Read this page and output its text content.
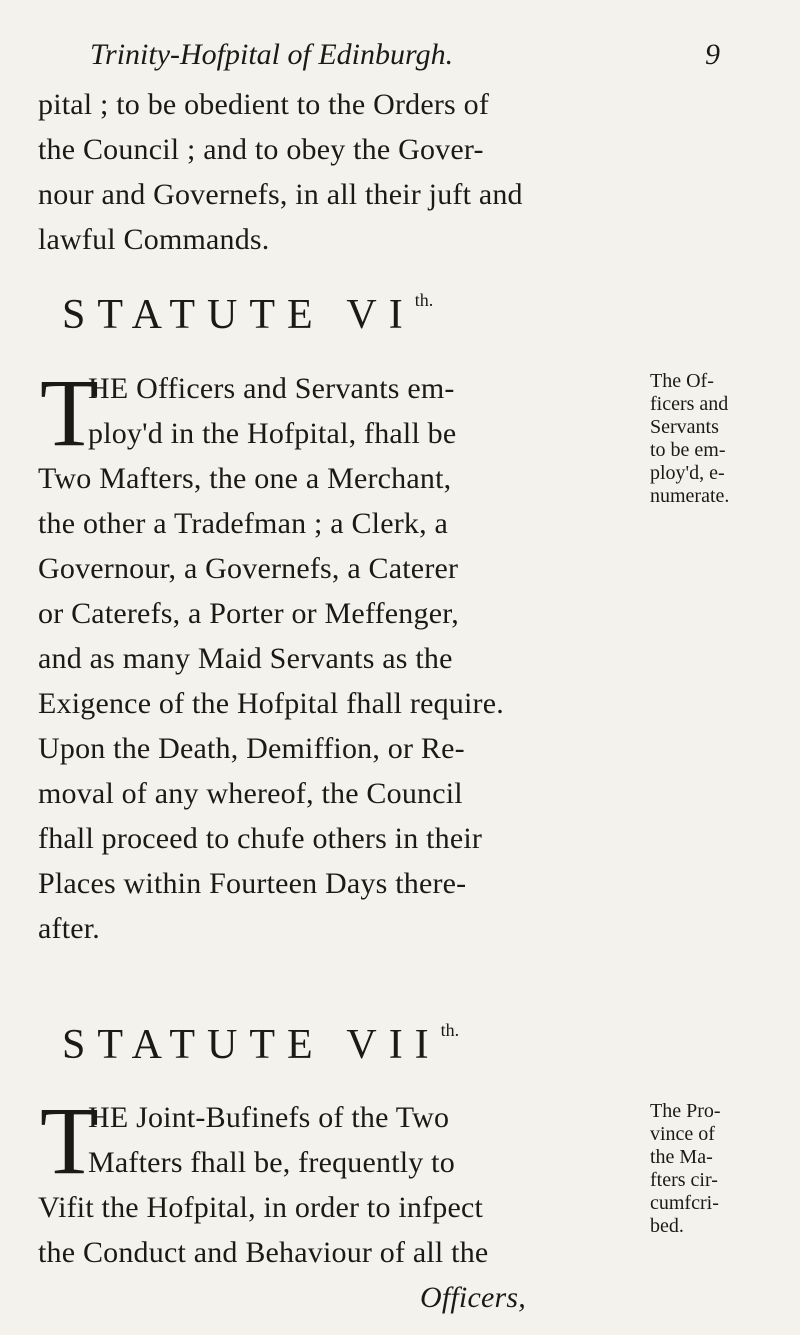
Trinity-Hofpital of Edinburgh.	9
pital ; to be obedient to the Orders of
the Council ; and to obey the Gover-
nour and Governefs, in all their juft and
lawful Commands.
STATUTE $VI^{th.}$
T
HE Officers and Servants em-
ploy'd in the Hofpital, fhall be
Two Mafters, the one a Merchant,
the other a Tradefman ; a Clerk, a
Governour, a Governefs, a Caterer
or Caterefs, a Porter or Meffenger,
and as many Maid Servants as the
Exigence of the Hofpital fhall require.
Upon the Death, Demiffion, or Re-
moval of any whereof, the Council
fhall proceed to chufe others in their
Places within Fourteen Days there-
after.
The Of-
ficers and
Servants
to be em-
ploy'd, e-
numerate.
STATUTE $VII^{th.}$
T
HE Joint-Bufinefs of the Two
Mafters fhall be, frequently to
Vifit the Hofpital, in order to infpect
the Conduct and Behaviour of all the
Officers,
The Pro-
vince of
the Ma-
fters cir-
cumfcri-
bed.
